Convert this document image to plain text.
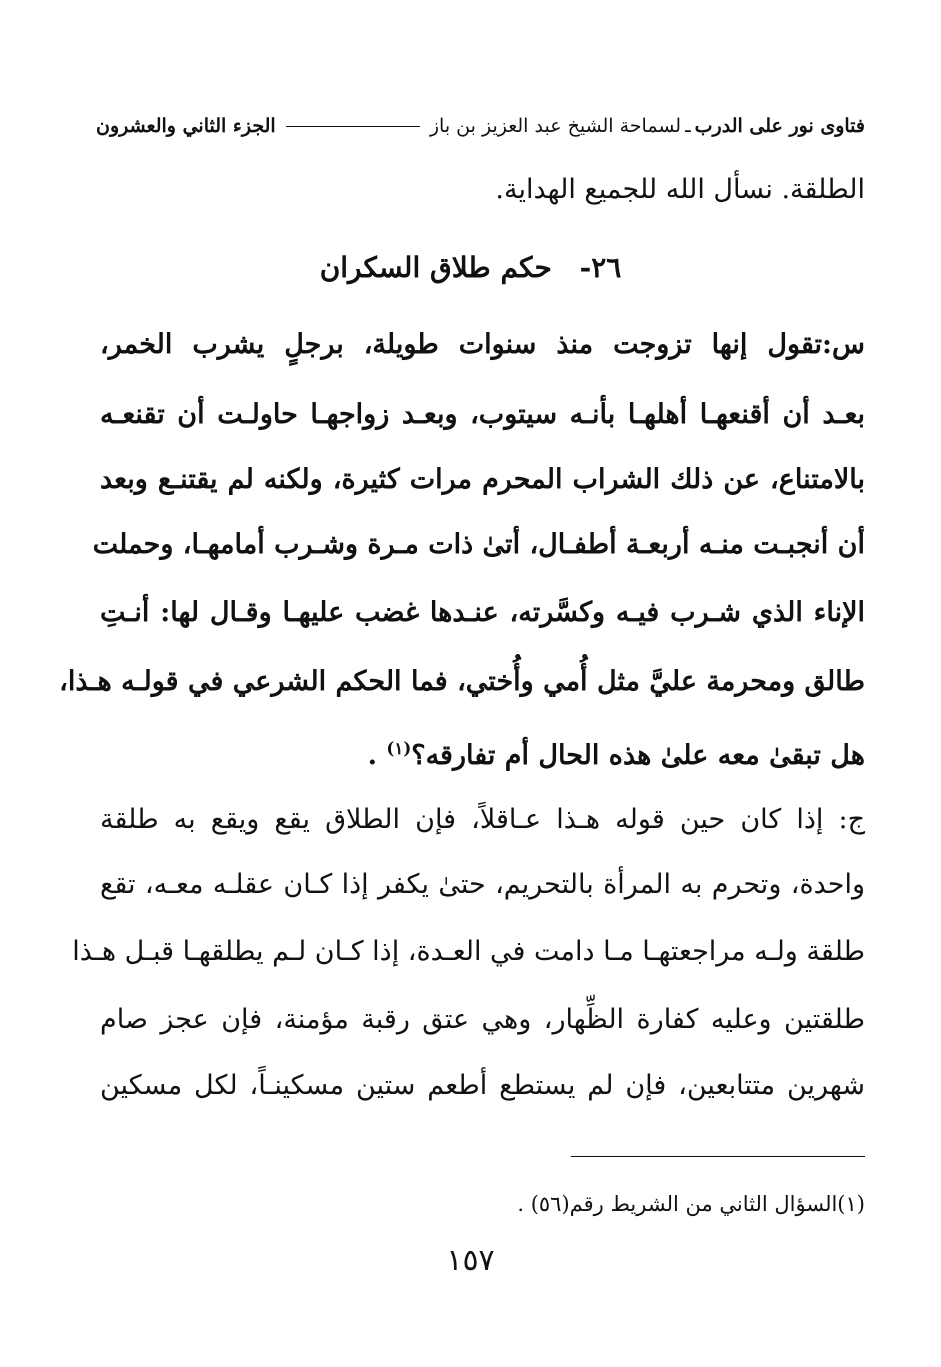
فتاوى نور على الدرب
ـ
لسماحة الشيخ عبد العزيز بن باز
الجزء الثاني والعشرون
الطلقة. نسأل الله للجميع الهداية.
٢٦- حكم طلاق السكران
س:تقول إنها تزوجت منذ سنوات طويلة، برجلٍ يشرب الخمر،
بعـد أن أقنعهـا أهلهـا بأنـه سيتوب، وبعـد زواجهـا حاولـت أن تقنعـه
بالامتناع، عن ذلك الشراب المحرم مرات كثيرة، ولكنه لم يقتنـع وبعد
أن أنجبـت منـه أربعـة أطفـال، أتىٰ ذات مـرة وشـرب أمامهـا، وحملت
الإناء الذي شـرب فيـه وكسَّرته، عنـدها غضب عليهـا وقـال لها: أنـتِ
طالق ومحرمة عليَّ مثل أُمي وأُختي، فما الحكم الشرعي في قولـه هـذا،
هل تبقىٰ معه علىٰ هذه الحال أم تفارقه؟$^{(١)}$ .
ج: إذا كان حين قوله هـذا عـاقلاً، فإن الطلاق يقع ويقع به طلقة
واحدة، وتحرم به المرأة بالتحريم، حتىٰ يكفر إذا كـان عقلـه معـه، تقع
طلقة ولـه مراجعتهـا مـا دامت في العـدة، إذا كـان لـم يطلقهـا قبـل هـذا
طلقتين وعليه كفارة الظِّهار، وهي عتق رقبة مؤمنة، فإن عجز صام
شهرين متتابعين، فإن لم يستطع أطعم ستين مسكينـاً، لكل مسكين
(١)السؤال الثاني من الشريط رقم(٥٦) .
١٥٧
